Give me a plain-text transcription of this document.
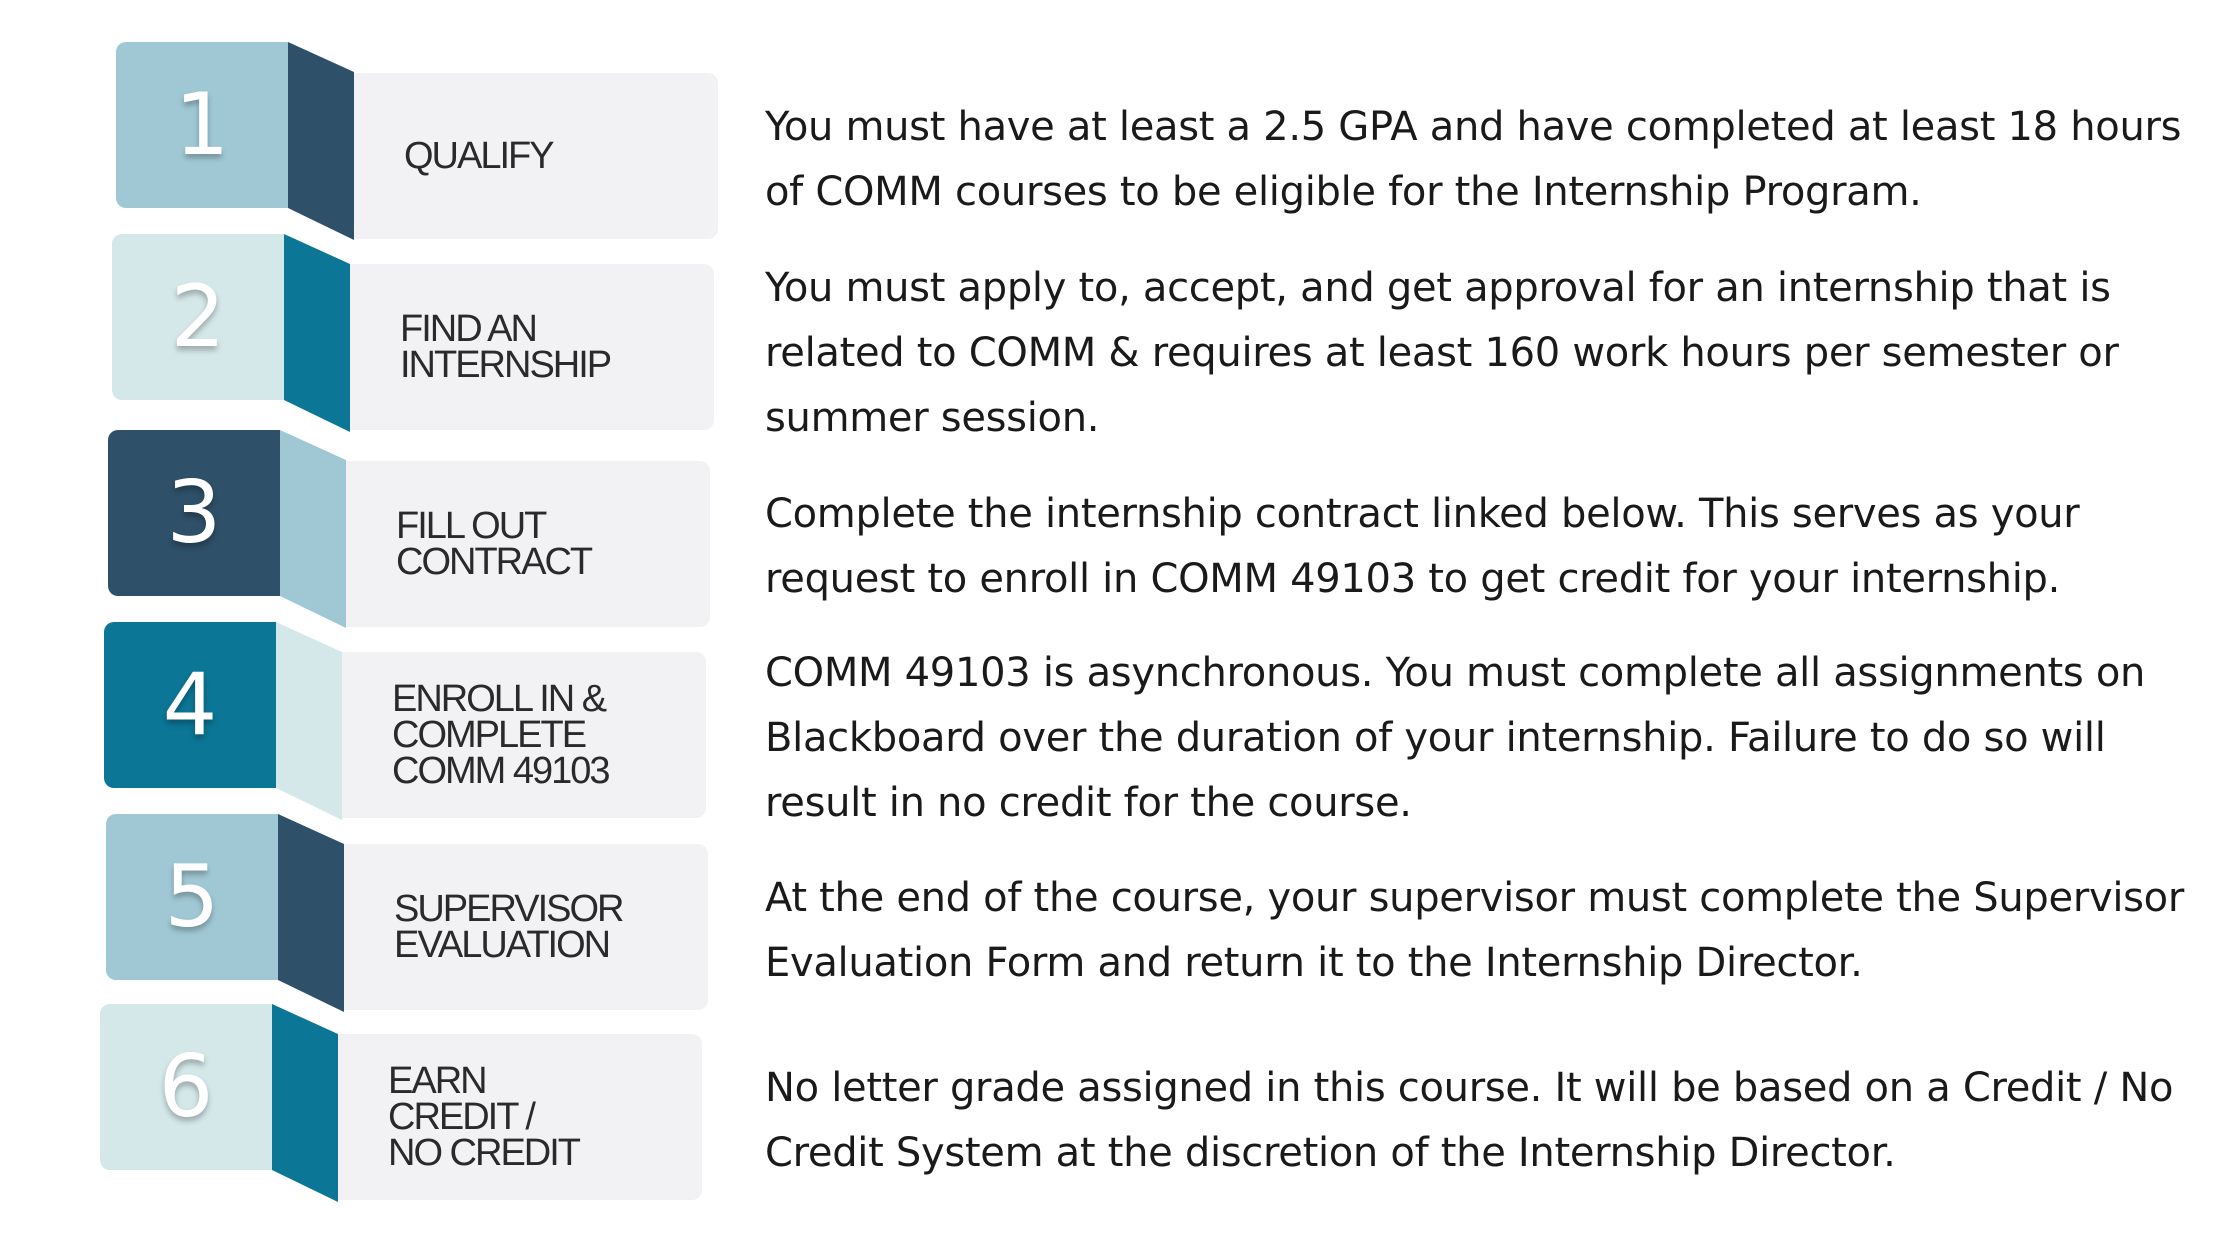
1	QUALIFY
2	FIND AN
INTERNSHIP
3	FILL OUT
CONTRACT
4	ENROLL IN &
COMPLETE
COMM 49103
5	SUPERVISOR
EVALUATION
6	EARN
CREDIT /
NO CREDIT
You must have at least a 2.5 GPA and have completed at least 18 hours of COMM courses to be eligible for the Internship Program.
You must apply to, accept, and get approval for an internship that is related to COMM & requires at least 160 work hours per semester or summer session.
Complete the internship contract linked below. This serves as your request to enroll in COMM 49103 to get credit for your internship.
COMM 49103 is asynchronous. You must complete all assignments on Blackboard over the duration of your internship. Failure to do so will result in no credit for the course.
At the end of the course, your supervisor must complete the Supervisor Evaluation Form and return it to the Internship Director.
No letter grade assigned in this course. It will be based on a Credit / No Credit System at the discretion of the Internship Director.
